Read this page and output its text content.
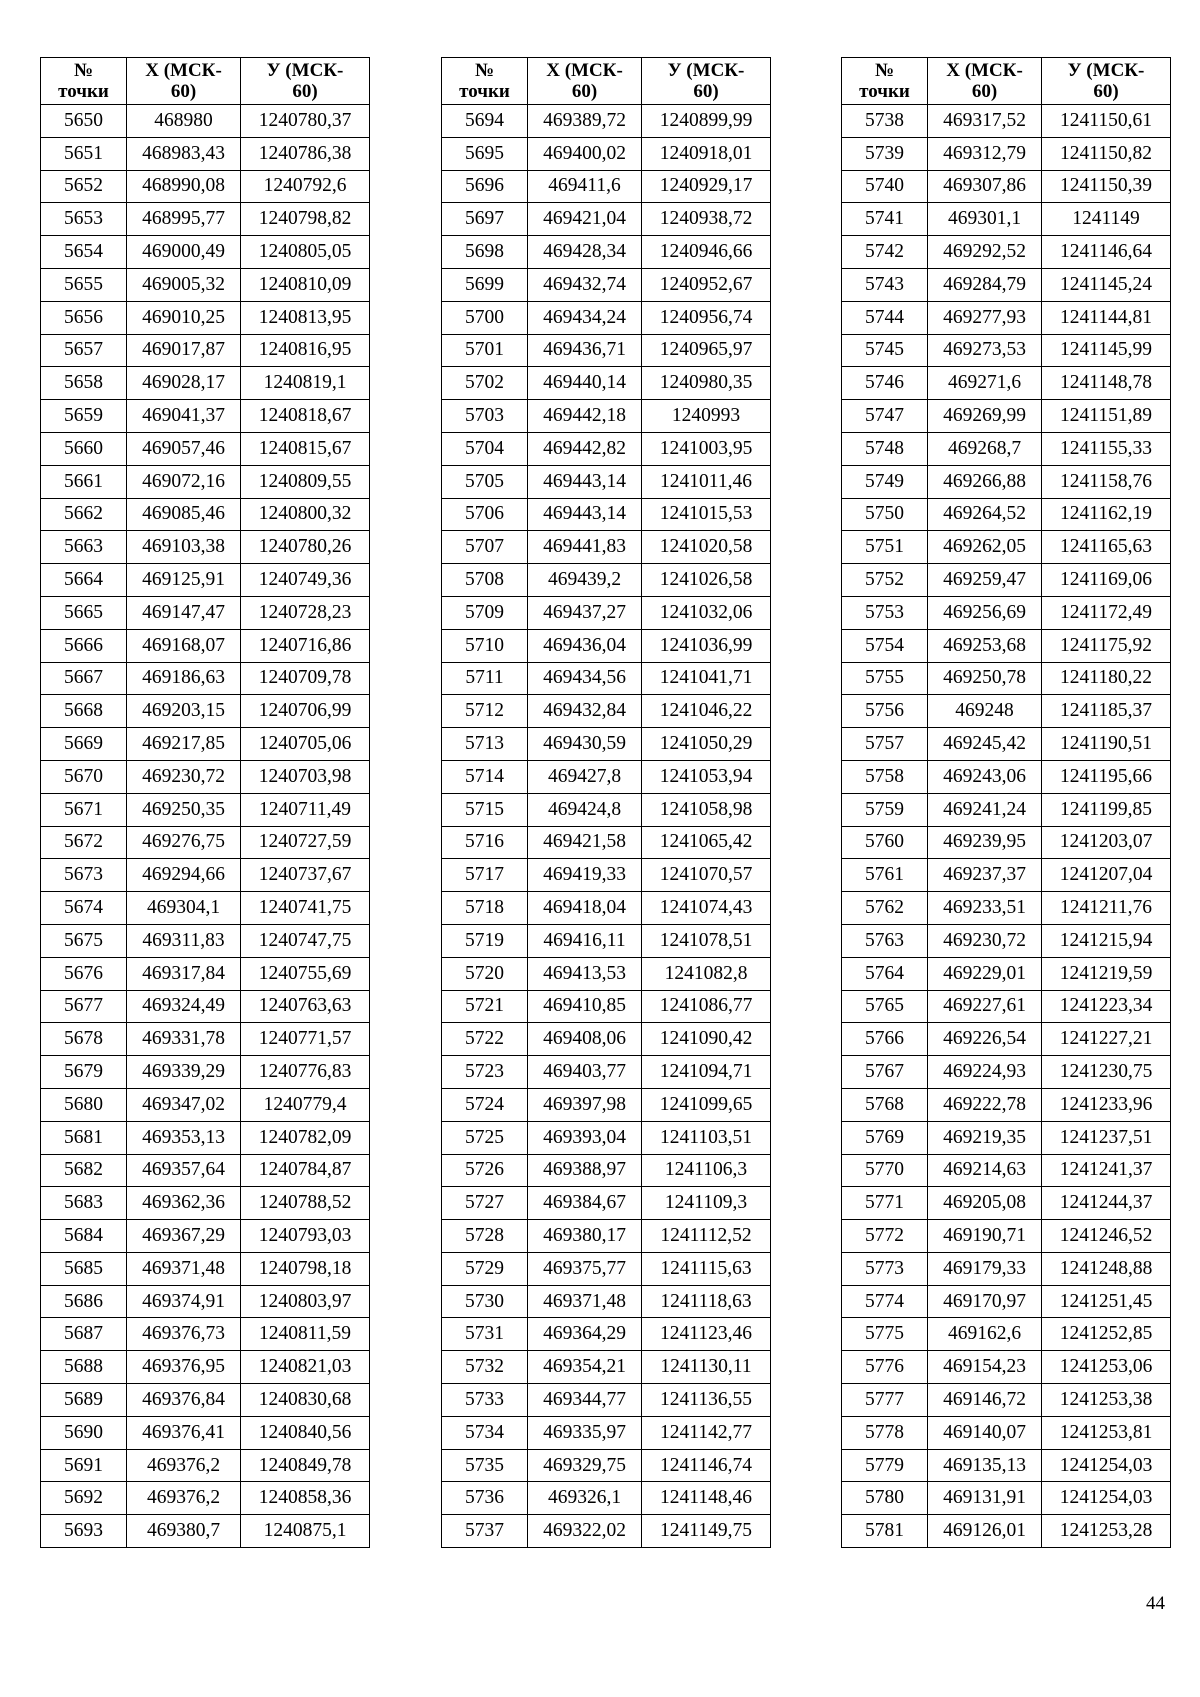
№
точки	X (МСК-
60)	У (МСК-
60)

5650	468980	1240780,37
5651	468983,43	1240786,38
5652	468990,08	1240792,6
5653	468995,77	1240798,82
5654	469000,49	1240805,05
5655	469005,32	1240810,09
5656	469010,25	1240813,95
5657	469017,87	1240816,95
5658	469028,17	1240819,1
5659	469041,37	1240818,67
5660	469057,46	1240815,67
5661	469072,16	1240809,55
5662	469085,46	1240800,32
5663	469103,38	1240780,26
5664	469125,91	1240749,36
5665	469147,47	1240728,23
5666	469168,07	1240716,86
5667	469186,63	1240709,78
5668	469203,15	1240706,99
5669	469217,85	1240705,06
5670	469230,72	1240703,98
5671	469250,35	1240711,49
5672	469276,75	1240727,59
5673	469294,66	1240737,67
5674	469304,1	1240741,75
5675	469311,83	1240747,75
5676	469317,84	1240755,69
5677	469324,49	1240763,63
5678	469331,78	1240771,57
5679	469339,29	1240776,83
5680	469347,02	1240779,4
5681	469353,13	1240782,09
5682	469357,64	1240784,87
5683	469362,36	1240788,52
5684	469367,29	1240793,03
5685	469371,48	1240798,18
5686	469374,91	1240803,97
5687	469376,73	1240811,59
5688	469376,95	1240821,03
5689	469376,84	1240830,68
5690	469376,41	1240840,56
5691	469376,2	1240849,78
5692	469376,2	1240858,36
5693	469380,7	1240875,1
№
точки	X (МСК-
60)	У (МСК-
60)

5694	469389,72	1240899,99
5695	469400,02	1240918,01
5696	469411,6	1240929,17
5697	469421,04	1240938,72
5698	469428,34	1240946,66
5699	469432,74	1240952,67
5700	469434,24	1240956,74
5701	469436,71	1240965,97
5702	469440,14	1240980,35
5703	469442,18	1240993
5704	469442,82	1241003,95
5705	469443,14	1241011,46
5706	469443,14	1241015,53
5707	469441,83	1241020,58
5708	469439,2	1241026,58
5709	469437,27	1241032,06
5710	469436,04	1241036,99
5711	469434,56	1241041,71
5712	469432,84	1241046,22
5713	469430,59	1241050,29
5714	469427,8	1241053,94
5715	469424,8	1241058,98
5716	469421,58	1241065,42
5717	469419,33	1241070,57
5718	469418,04	1241074,43
5719	469416,11	1241078,51
5720	469413,53	1241082,8
5721	469410,85	1241086,77
5722	469408,06	1241090,42
5723	469403,77	1241094,71
5724	469397,98	1241099,65
5725	469393,04	1241103,51
5726	469388,97	1241106,3
5727	469384,67	1241109,3
5728	469380,17	1241112,52
5729	469375,77	1241115,63
5730	469371,48	1241118,63
5731	469364,29	1241123,46
5732	469354,21	1241130,11
5733	469344,77	1241136,55
5734	469335,97	1241142,77
5735	469329,75	1241146,74
5736	469326,1	1241148,46
5737	469322,02	1241149,75
№
точки	X (МСК-
60)	У (МСК-
60)

5738	469317,52	1241150,61
5739	469312,79	1241150,82
5740	469307,86	1241150,39
5741	469301,1	1241149
5742	469292,52	1241146,64
5743	469284,79	1241145,24
5744	469277,93	1241144,81
5745	469273,53	1241145,99
5746	469271,6	1241148,78
5747	469269,99	1241151,89
5748	469268,7	1241155,33
5749	469266,88	1241158,76
5750	469264,52	1241162,19
5751	469262,05	1241165,63
5752	469259,47	1241169,06
5753	469256,69	1241172,49
5754	469253,68	1241175,92
5755	469250,78	1241180,22
5756	469248	1241185,37
5757	469245,42	1241190,51
5758	469243,06	1241195,66
5759	469241,24	1241199,85
5760	469239,95	1241203,07
5761	469237,37	1241207,04
5762	469233,51	1241211,76
5763	469230,72	1241215,94
5764	469229,01	1241219,59
5765	469227,61	1241223,34
5766	469226,54	1241227,21
5767	469224,93	1241230,75
5768	469222,78	1241233,96
5769	469219,35	1241237,51
5770	469214,63	1241241,37
5771	469205,08	1241244,37
5772	469190,71	1241246,52
5773	469179,33	1241248,88
5774	469170,97	1241251,45
5775	469162,6	1241252,85
5776	469154,23	1241253,06
5777	469146,72	1241253,38
5778	469140,07	1241253,81
5779	469135,13	1241254,03
5780	469131,91	1241254,03
5781	469126,01	1241253,28
44
